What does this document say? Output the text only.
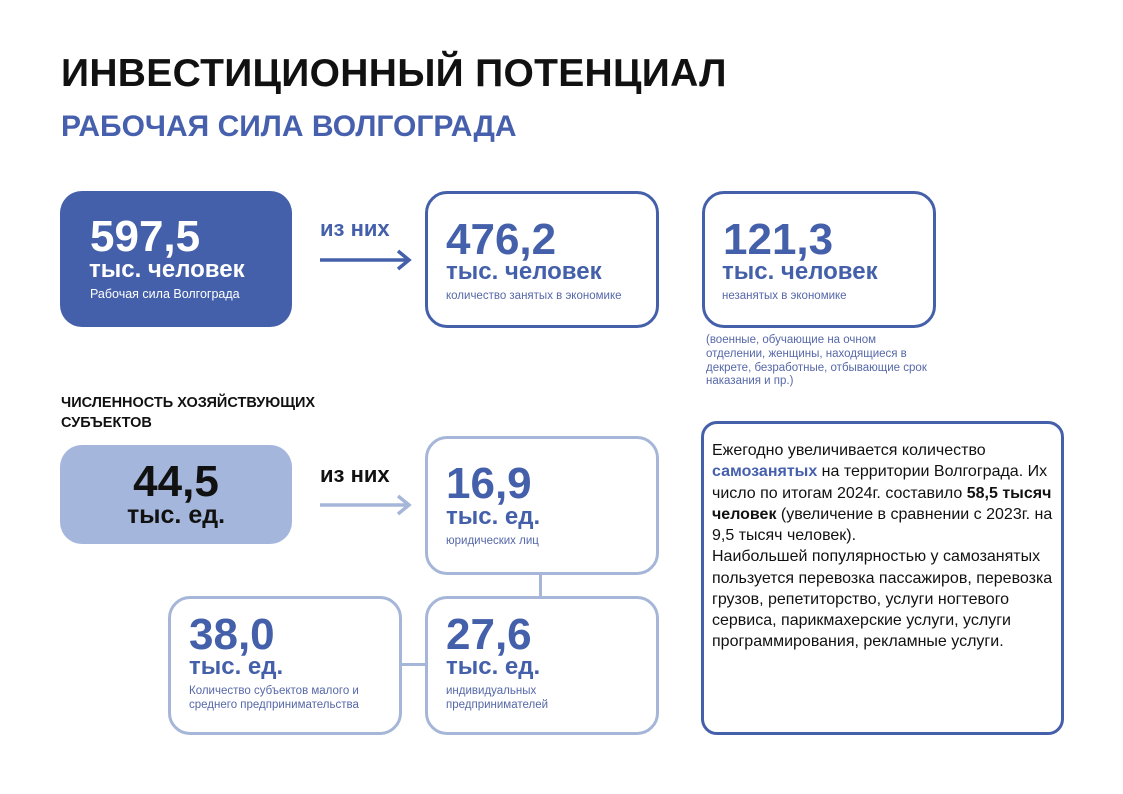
ИНВЕСТИЦИОННЫЙ ПОТЕНЦИАЛ
РАБОЧАЯ СИЛА ВОЛГОГРАДА
597,5
тыс. человек
Рабочая сила Волгограда
из них 476,2
тыс. человек
количество занятых в экономике
121,3
тыс. человек
незанятых в экономике
(военные, обучающие на очном отделении, женщины, находящиеся в декрете, безработные, отбывающие срок наказания и пр.)
ЧИСЛЕННОСТЬ ХОЗЯЙСТВУЮЩИХ СУБЪЕКТОВ
44,5
тыс. ед.
из них 16,9
тыс. ед.
юридических лиц
38,0
тыс. ед.
Количество субъектов малого и среднего предпринимательства
27,6
тыс. ед.
индивидуальных предпринимателей

Ежегодно увеличивается количество самозанятых на территории Волгограда. Их число по итогам 2024г. составило 58,5 тысяч человек (увеличение в сравнении с 2023г. на 9,5 тысяч человек).

Наибольшей популярностью у самозанятых пользуется перевозка пассажиров, перевозка грузов, репетиторство, услуги ногтевого сервиса, парикмахерские услуги, услуги программирования, рекламные услуги.
